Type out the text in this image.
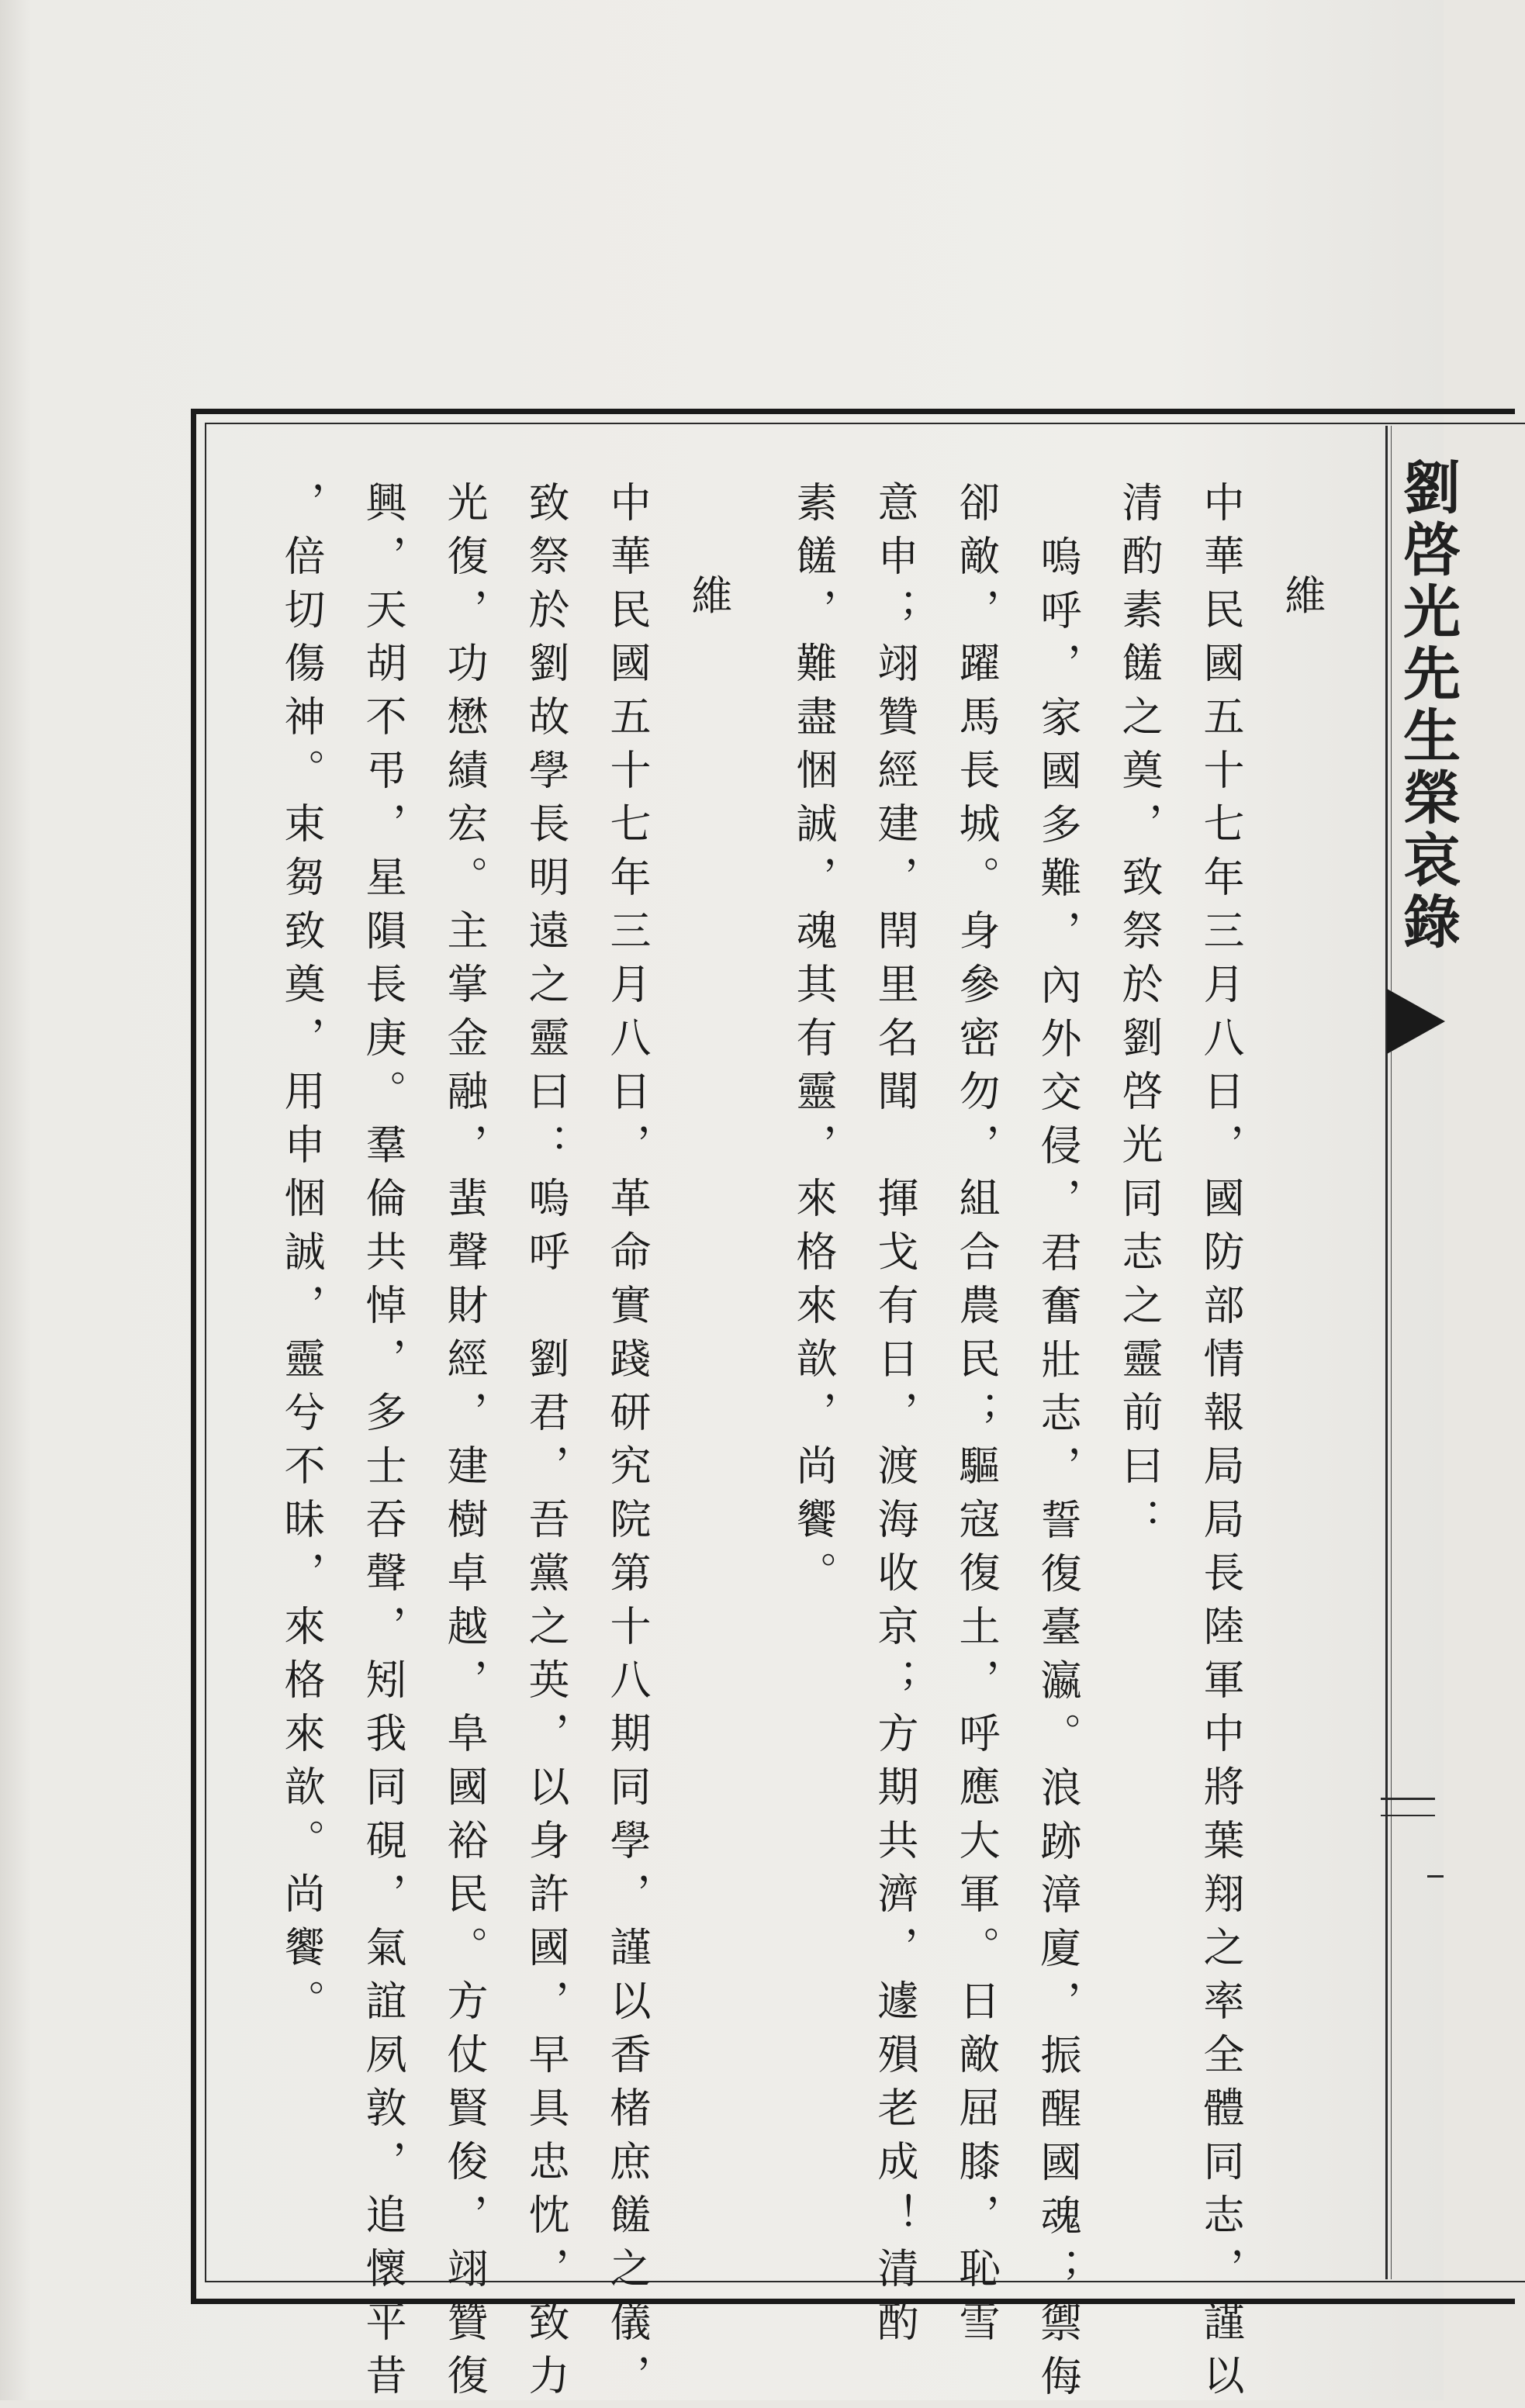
劉啓光先生榮哀錄
維
中華民國五十七年三月八日，國防部情報局局長陸軍中將葉翔之率全體同志，謹以
清酌素饈之奠，致祭於劉啓光同志之靈前曰：
嗚呼，家國多難，內外交侵，君奮壯志，誓復臺瀛。浪跡漳廈，振醒國魂；禦侮
卻敵，躍馬長城。身參密勿，組合農民；驅寇復土，呼應大軍。日敵屈膝，恥雪
意申；翊贊經建，閈里名聞　揮戈有日，渡海收京；方期共濟，遽殞老成！清酌
素饈，難盡悃誠，魂其有靈，來格來歆，尚饗。
維
中華民國五十七年三月八日，革命實踐研究院第十八期同學，謹以香楮庶饈之儀，
致祭於劉故學長明遠之靈曰：嗚呼　劉君，吾黨之英，以身許國，早具忠忱，致力
光復，功懋績宏。主掌金融，蜚聲財經，建樹卓越，阜國裕民。方仗賢俊，翊贊復
興，天胡不弔，星隕長庚。羣倫共悼，多士吞聲，矧我同硯，氣誼夙敦，追懷平昔
，倍切傷神。束芻致奠，用申悃誠，靈兮不昧，來格來歆。尚饗。
